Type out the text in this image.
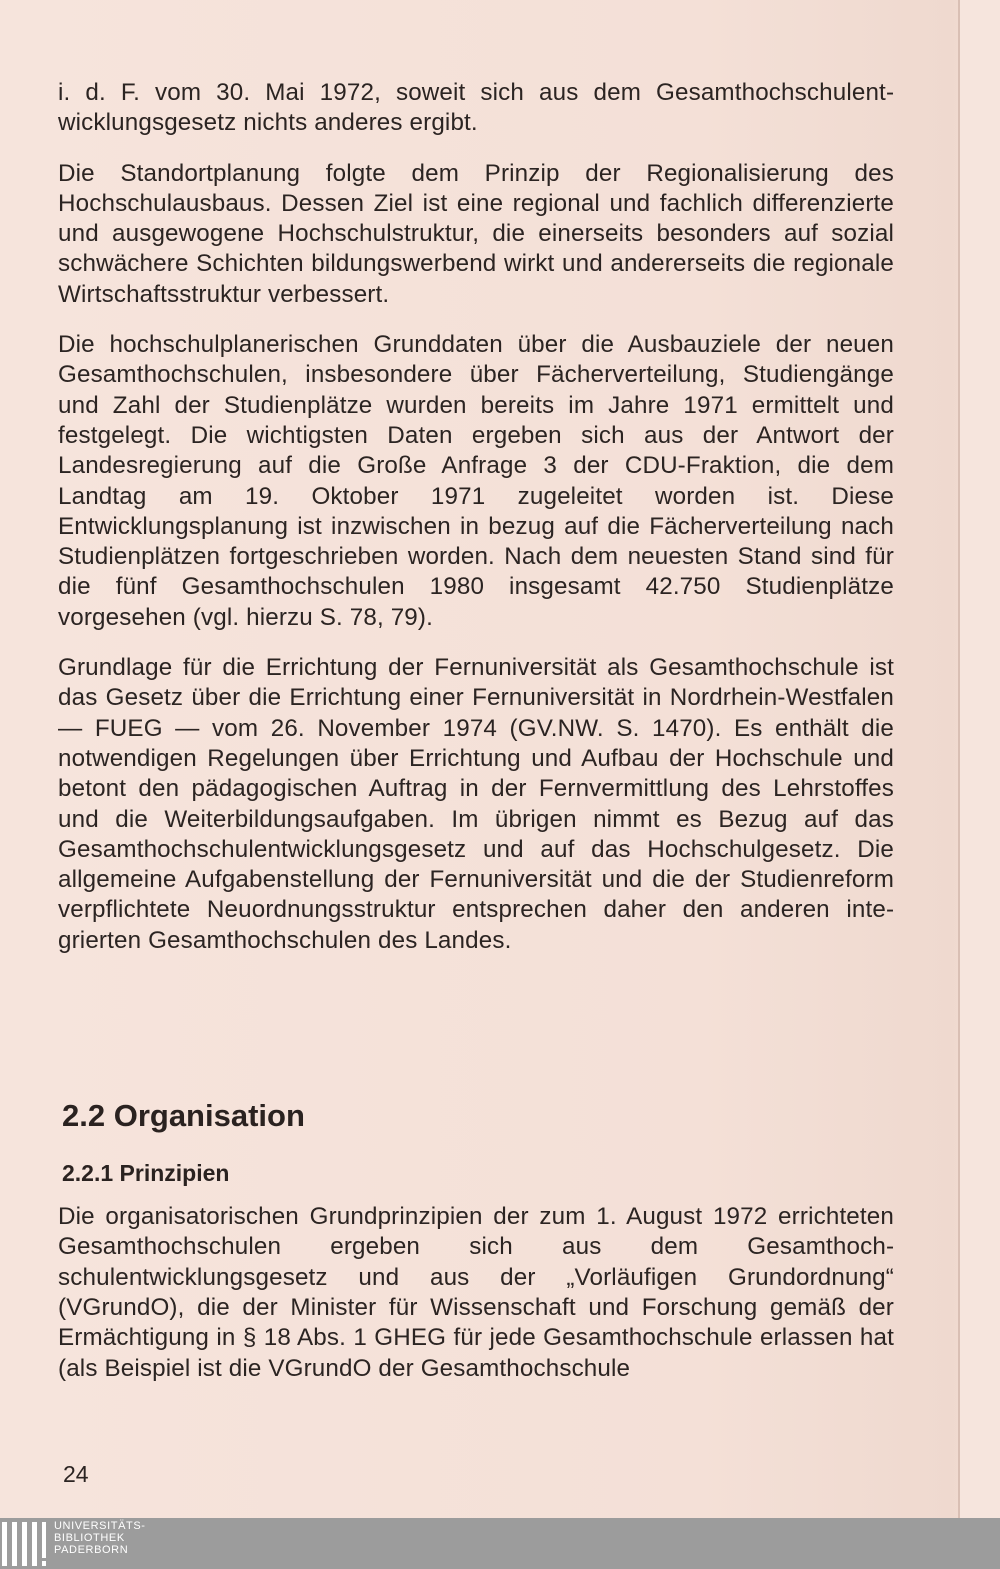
i. d. F. vom 30. Mai 1972, soweit sich aus dem Gesamthochschulentwicklungsgesetz nichts anderes ergibt.

Die Standortplanung folgte dem Prinzip der Regionalisierung des Hochschulausbaus. Dessen Ziel ist eine regional und fachlich differenzierte und ausgewogene Hochschulstruktur, die einerseits besonders auf sozial schwächere Schichten bildungswerbend wirkt und andererseits die regionale Wirtschaftsstruktur verbessert.

Die hochschulplanerischen Grunddaten über die Ausbauziele der neuen Gesamthochschulen, insbesondere über Fächerverteilung, Studiengänge und Zahl der Studienplätze wurden bereits im Jahre 1971 ermittelt und festgelegt. Die wichtigsten Daten ergeben sich aus der Antwort der Landesregierung auf die Große Anfrage 3 der CDU-Fraktion, die dem Landtag am 19. Oktober 1971 zugeleitet worden ist. Diese Entwicklungsplanung ist inzwischen in bezug auf die Fächerverteilung nach Studienplätzen fortgeschrieben worden. Nach dem neuesten Stand sind für die fünf Gesamthochschulen 1980 insgesamt 42.750 Studienplätze vorgesehen (vgl. hierzu S. 78, 79).

Grundlage für die Errichtung der Fernuniversität als Gesamthochschule ist das Gesetz über die Errichtung einer Fernuniversität in Nordrhein-Westfalen — FUEG — vom 26. November 1974 (GV.NW. S. 1470). Es enthält die notwendigen Regelungen über Errichtung und Aufbau der Hochschule und betont den pädagogischen Auftrag in der Fernvermittlung des Lehrstoffes und die Weiterbildungsaufgaben. Im übrigen nimmt es Bezug auf das Gesamthochschulentwicklungsgesetz und auf das Hochschulgesetz. Die allgemeine Aufgabenstellung der Fernuniversität und die der Studienreform verpflichtete Neuordnungsstruktur entsprechen daher den anderen integrierten Gesamthochschulen des Landes.

2.2 Organisation
2.2.1 Prinzipien

Die organisatorischen Grundprinzipien der zum 1. August 1972 errichteten Gesamthochschulen ergeben sich aus dem Gesamthochschulentwicklungsgesetz und aus der „Vorläufigen Grundordnung“ (VGrundO), die der Minister für Wissenschaft und Forschung gemäß der Ermächtigung in § 18 Abs. 1 GHEG für jede Gesamthochschule erlassen hat (als Beispiel ist die VGrundO der Gesamthochschule

24
UNIVERSITÄTS-
BIBLIOTHEK
PADERBORN
